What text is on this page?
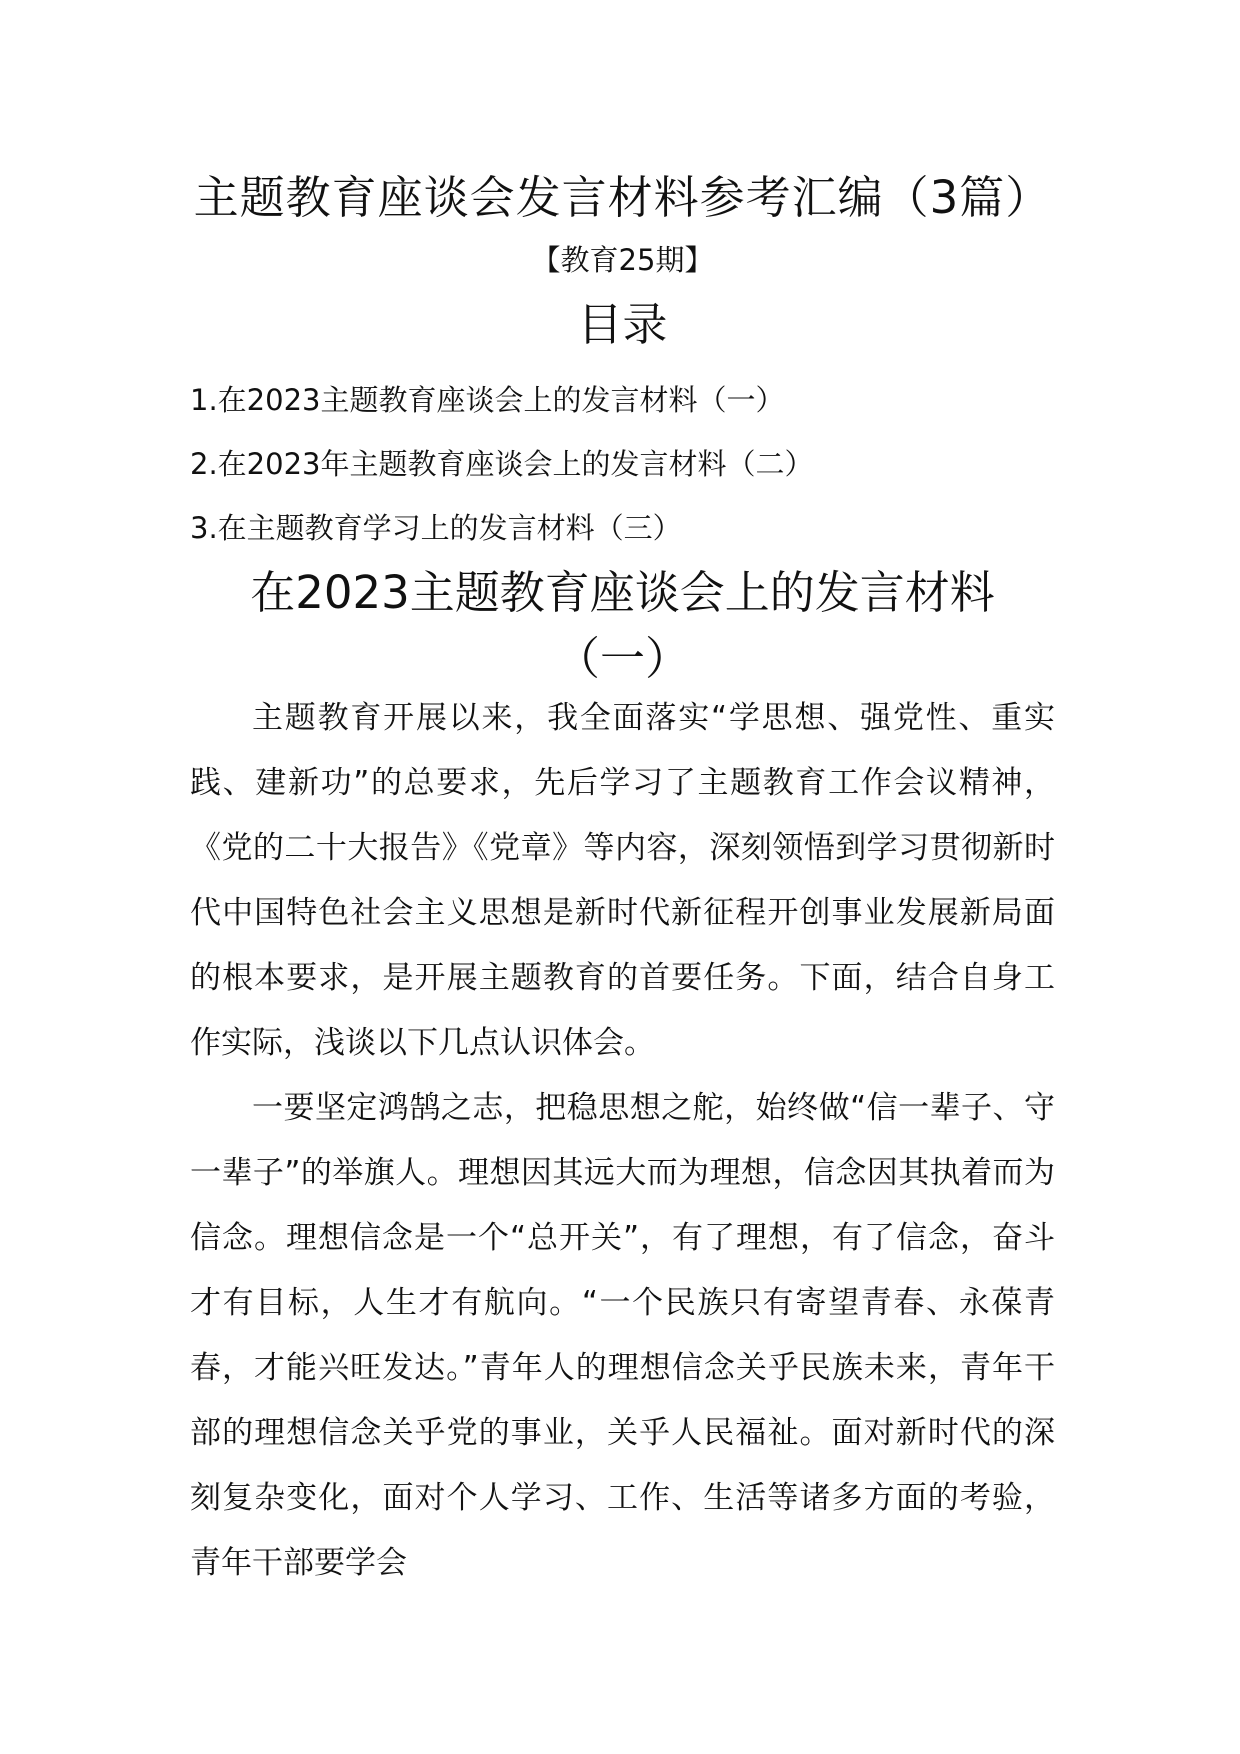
主题教育座谈会发言材料参考汇编（3篇）
【教育25期】
目录
1.在2023主题教育座谈会上的发言材料（一）
2.在2023年主题教育座谈会上的发言材料（二）
3.在主题教育学习上的发言材料（三）
在2023主题教育座谈会上的发言材料
（一）

主题教育开展以来，我全面落实“学思想、强党性、重实践、建新功”的总要求，先后学习了主题教育工作会议精神，《党的二十大报告》《党章》等内容，深刻领悟到学习贯彻新时代中国特色社会主义思想是新时代新征程开创事业发展新局面的根本要求，是开展主题教育的首要任务。下面，结合自身工作实际，浅谈以下几点认识体会。

一要坚定鸿鹄之志，把稳思想之舵，始终做“信一辈子、守一辈子”的举旗人。理想因其远大而为理想，信念因其执着而为信念。理想信念是一个“总开关”，有了理想，有了信念，奋斗才有目标，人生才有航向。“一个民族只有寄望青春、永葆青春，才能兴旺发达。”青年人的理想信念关乎民族未来，青年干部的理想信念关乎党的事业，关乎人民福祉。面对新时代的深刻复杂变化，面对个人学习、工作、生活等诸多方面的考验，青年干部要学会
